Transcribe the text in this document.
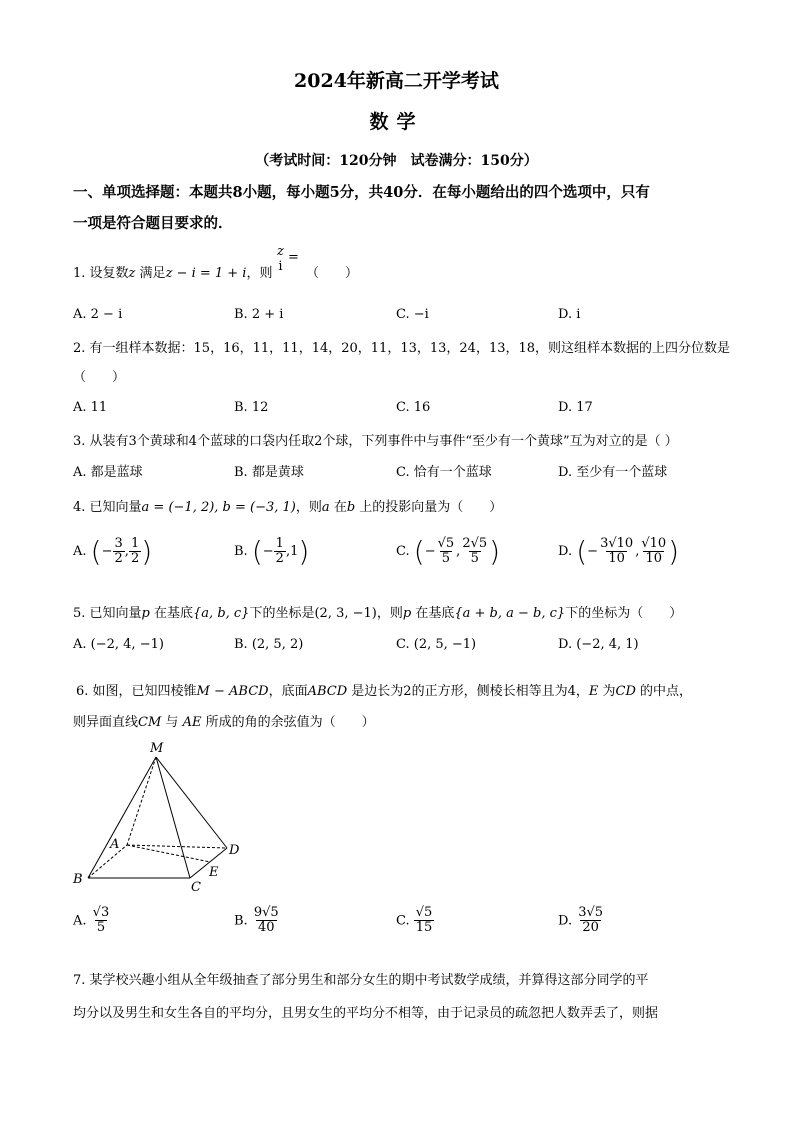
2024年新高二开学考试
数学
（考试时间：120分钟　试卷满分：150分）
一、单项选择题：本题共8小题，每小题5分，共40分．在每小题给出的四个选项中，只有
一项是符合题目要求的．
1. 设复数z 满足z − i = 1 + i，则
z
i
=
（　　）
A. 2 − i	B. 2 + i	C. −i	D. i
2. 有一组样本数据：15，16，11，11，14，20，11，13，13，24，13，18，则这组样本数据的上四分位数是
（　　）
A. 11	B. 12	C. 16	D. 17
3. 从装有3个黄球和4个蓝球的口袋内任取2个球，下列事件中与事件“至少有一个黄球”互为对立的是（ ）
A. 都是蓝球	B. 都是黄球	C. 恰有一个蓝球	D. 至少有一个蓝球
4. 已知向量a = (−1, 2), b = (−3, 1)，则a 在b 上的投影向量为（　　）
A. (− $\frac{3}{2}$ , $\frac{1}{2}$ )	B. (− $\frac{1}{2} ,1$)	C. (− $\frac{√5}{5}$ , $\frac{2√5}{5}$ )	D. (− $\frac{3√10}{10}$ , $\frac{√10}{10}$ )
5. 已知向量p 在基底{a, b, c}下的坐标是(2, 3, −1)，则p 在基底{a + b, a − b, c}下的坐标为（　　）
A. (−2, 4, −1)	B. (2, 5, 2)	C. (2, 5, −1)	D. (−2, 4, 1)
6. 如图，已知四棱锥M − ABCD，底面ABCD 是边长为2的正方形，侧棱长相等且为4，E 为CD 的中点，
则异面直线CM 与 AE 所成的角的余弦值为（　　）
M
A
B
C
D
E
A. $\frac{√3}{5}$	B. $\frac{9√5}{40}$	C. $\frac{√5}{15}$	D. $\frac{3√5}{20}$
7. 某学校兴趣小组从全年级抽查了部分男生和部分女生的期中考试数学成绩，并算得这部分同学的平
均分以及男生和女生各自的平均分，且男女生的平均分不相等，由于记录员的疏忽把人数弄丢了，则据
